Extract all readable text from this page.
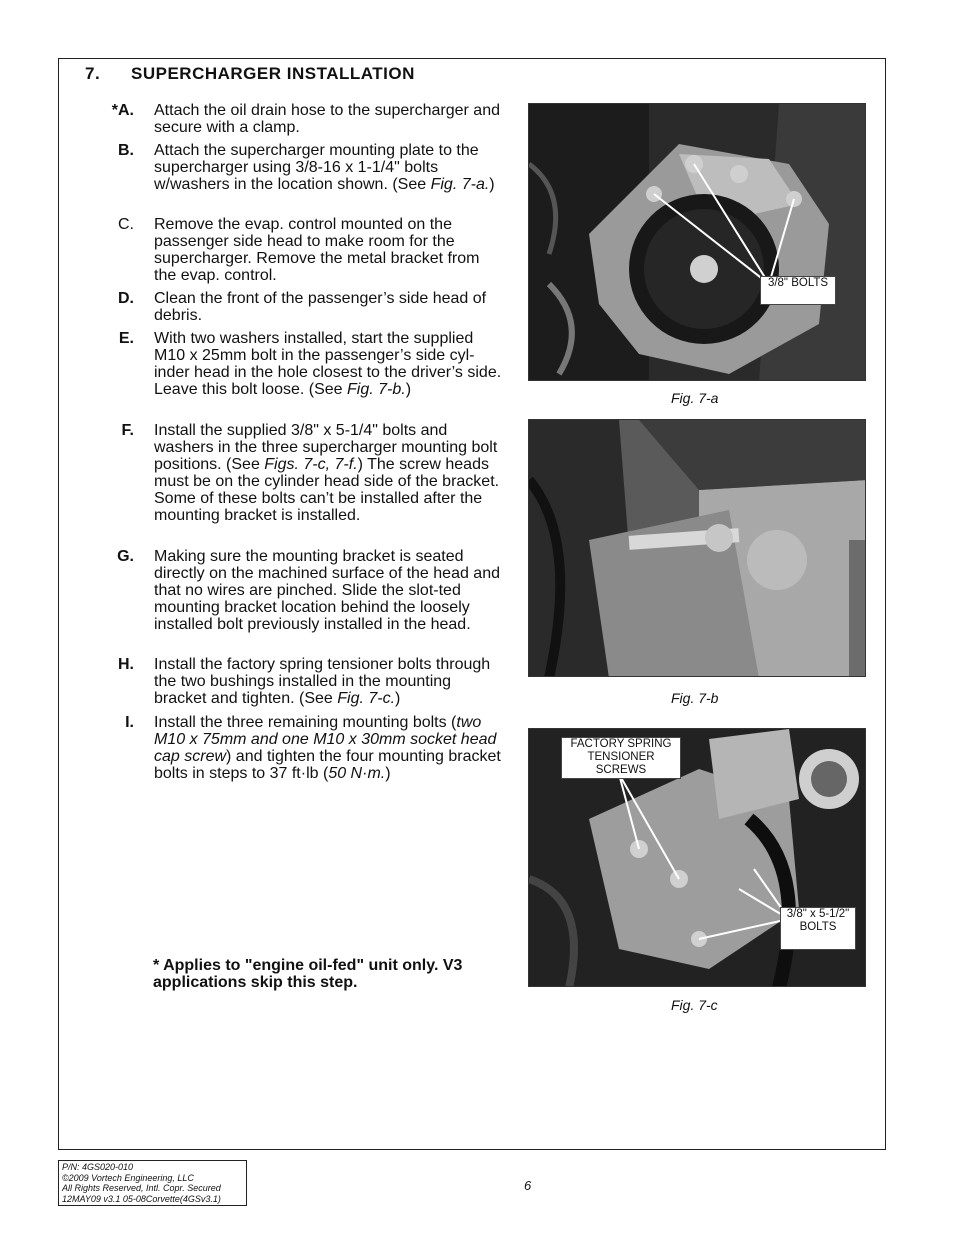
7. SUPERCHARGER INSTALLATION
*A. Attach the oil drain hose to the supercharger and secure with a clamp.
B. Attach the supercharger mounting plate to the supercharger using 3/8-16 x 1-1/4" bolts w/washers in the location shown. (See Fig. 7-a.)
C. Remove the evap. control mounted on the passenger side head to make room for the supercharger. Remove the metal bracket from the evap. control.
D. Clean the front of the passenger’s side head of debris.
E. With two washers installed, start the supplied M10 x 25mm bolt in the passenger’s side cyl-inder head in the hole closest to the driver’s side. Leave this bolt loose. (See Fig. 7-b.)
F. Install the supplied 3/8" x 5-1/4" bolts and washers in the three supercharger mounting bolt positions. (See Figs. 7-c, 7-f.) The screw heads must be on the cylinder head side of the bracket. Some of these bolts can’t be installed after the mounting bracket is installed.
G. Making sure the mounting bracket is seated directly on the machined surface of the head and that no wires are pinched. Slide the slot-ted mounting bracket location behind the loosely installed bolt previously installed in the head.
H. Install the factory spring tensioner bolts through the two bushings installed in the mounting bracket and tighten. (See Fig. 7-c.)
I. Install the three remaining mounting bolts (two M10 x 75mm and one M10 x 30mm socket head cap screw) and tighten the four mounting bracket bolts in steps to 37 ft·lb (50 N·m.)
* Applies to "engine oil-fed" unit only. V3 applications skip this step.
3/8" BOLTS
Fig. 7-a
Fig. 7-b
FACTORY SPRING TENSIONER SCREWS
3/8" x 5-1/2" BOLTS
Fig. 7-c
P/N: 4GS020-010
©2009 Vortech Engineering, LLC
All Rights Reserved, Intl. Copr. Secured
12MAY09 v3.1 05-08Corvette(4GSv3.1)
6
